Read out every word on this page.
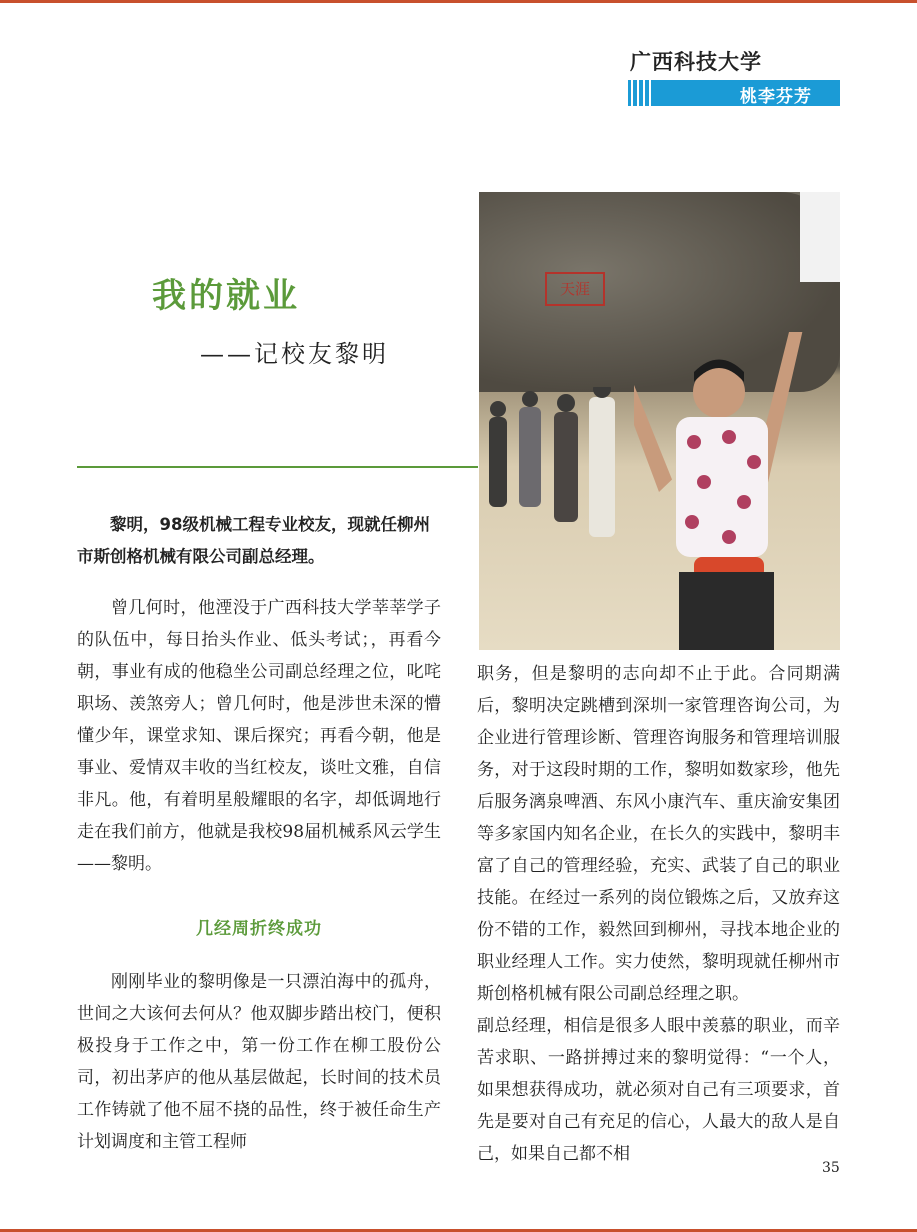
广西科技大学
桃李芬芳
我的就业
——记校友黎明
天涯

黎明，98级机械工程专业校友，现就任柳州市斯创格机械有限公司副总经理。

曾几何时，他湮没于广西科技大学莘莘学子的队伍中，每日抬头作业、低头考试；，再看今朝，事业有成的他稳坐公司副总经理之位，叱咤职场、羡煞旁人；曾几何时，他是涉世未深的懵懂少年，课堂求知、课后探究；再看今朝，他是事业、爱情双丰收的当红校友，谈吐文雅，自信非凡。他，有着明星般耀眼的名字，却低调地行走在我们前方，他就是我校98届机械系风云学生——黎明。

几经周折终成功

刚刚毕业的黎明像是一只漂泊海中的孤舟，世间之大该何去何从？他双脚步踏出校门，便积极投身于工作之中，第一份工作在柳工股份公司，初出茅庐的他从基层做起，长时间的技术员工作铸就了他不屈不挠的品性，终于被任命生产计划调度和主管工程师

职务，但是黎明的志向却不止于此。合同期满后，黎明决定跳槽到深圳一家管理咨询公司，为企业进行管理诊断、管理咨询服务和管理培训服务，对于这段时期的工作，黎明如数家珍，他先后服务漓泉啤酒、东风小康汽车、重庆渝安集团等多家国内知名企业，在长久的实践中，黎明丰富了自己的管理经验，充实、武装了自己的职业技能。在经过一系列的岗位锻炼之后，又放弃这份不错的工作，毅然回到柳州，寻找本地企业的职业经理人工作。实力使然，黎明现就任柳州市斯创格机械有限公司副总经理之职。

副总经理，相信是很多人眼中羡慕的职业，而辛苦求职、一路拼搏过来的黎明觉得：“一个人，如果想获得成功，就必须对自己有三项要求，首先是要对自己有充足的信心，人最大的敌人是自己，如果自己都不相

35
